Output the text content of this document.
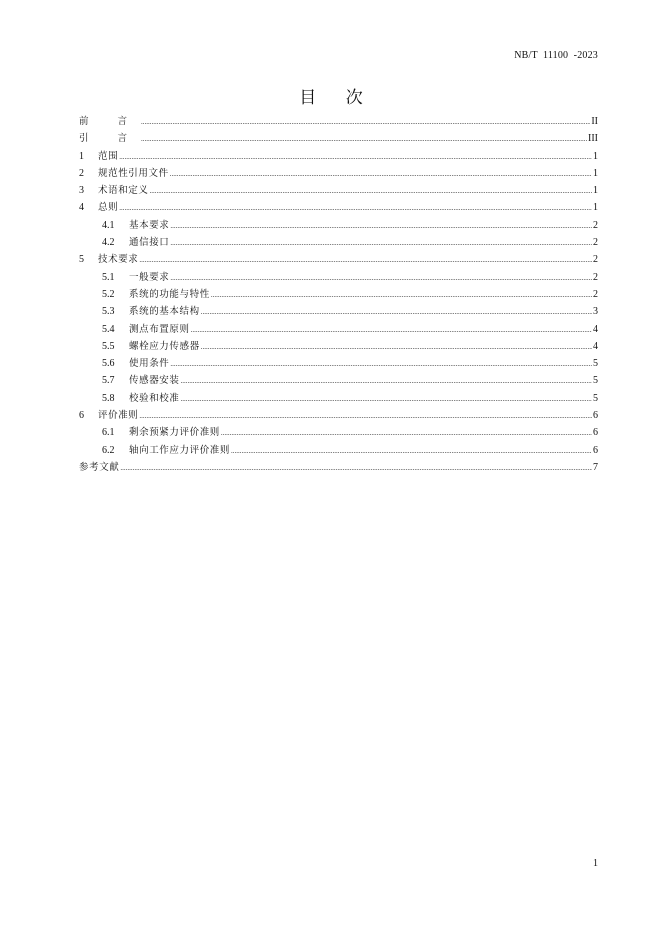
NB/T  11100  -2023
目 次
前 言 .....	II
引 言 .....	III
1	范围 .....	1
2	规范性引用文件 .....	1
3	术语和定义 .....	1
4	总则 .....	1
4.1	基本要求 .....	2
4.2	通信接口 .....	2
5	技术要求 .....	2
5.1	一般要求 .....	2
5.2	系统的功能与特性 .....	2
5.3	系统的基本结构 .....	3
5.4	测点布置原则 .....	4
5.5	螺栓应力传感器 .....	4
5.6	使用条件 .....	5
5.7	传感器安装 .....	5
5.8	校验和校准 .....	5
6	评价准则 .....	6
6.1	剩余预紧力评价准则 .....	6
6.2	轴向工作应力评价准则 .....	6
参考文献 .....	7
1
